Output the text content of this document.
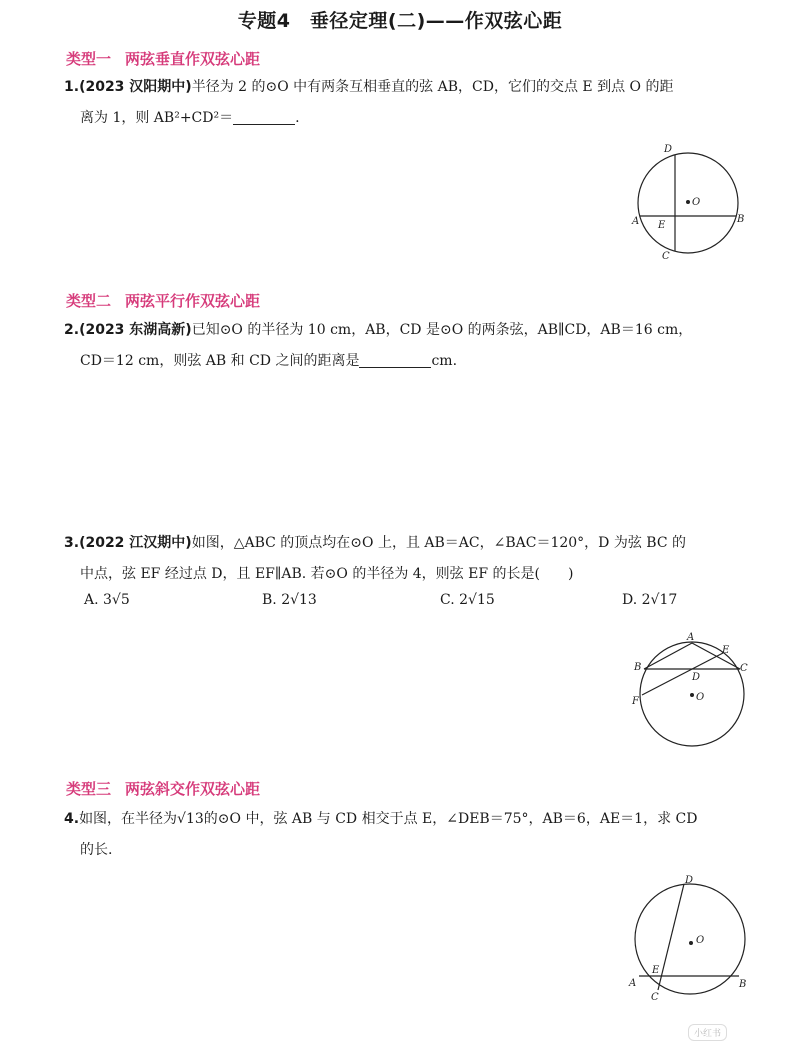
专题4　垂径定理(二)——作双弦心距
类型一 两弦垂直作双弦心距
1.(2023 汉阳期中)半径为 2 的⊙O 中有两条互相垂直的弦 AB，CD，它们的交点 E 到点 O 的距
离为 1，则 AB²+CD²＝	.
O
A	B
D
C
E
类型二 两弦平行作双弦心距
2.(2023 东湖高新)已知⊙O 的半径为 10 cm，AB，CD 是⊙O 的两条弦，AB∥CD，AB＝16 cm，
CD＝12 cm，则弦 AB 和 CD 之间的距离是	cm.
3.(2022 江汉期中)如图，△ABC 的顶点均在⊙O 上，且 AB＝AC，∠BAC＝120°，D 为弦 BC 的
中点，弦 EF 经过点 D，且 EF∥AB. 若⊙O 的半径为 4，则弦 EF 的长是(　　)
A. 3√5	B. 2√13	C. 2√15	D. 2√17
O
A
B	C
D
E
F
类型三 两弦斜交作双弦心距
4.如图，在半径为√13的⊙O 中，弦 AB 与 CD 相交于点 E，∠DEB＝75°，AB＝6，AE＝1，求 CD
的长.
O
A	B
C
D
E
小红书
